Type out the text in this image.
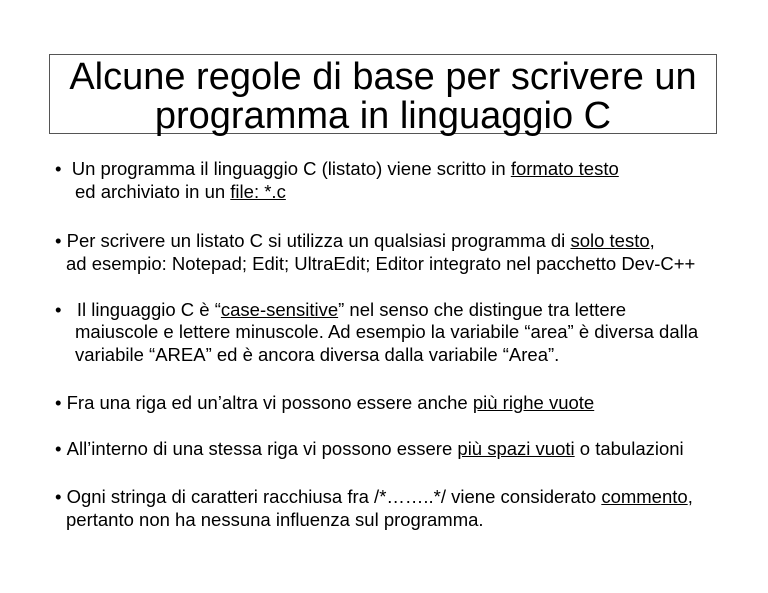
Alcune regole di base per scrivere un
programma in linguaggio C
• Un programma il linguaggio C (listato) viene scritto in formato testo
ed archiviato in un file: *.c
• Per scrivere un listato C si utilizza un qualsiasi programma di solo testo,
ad esempio: Notepad; Edit; UltraEdit; Editor integrato nel pacchetto Dev-C++
• Il linguaggio C è “case-sensitive” nel senso che distingue tra lettere
maiuscole e lettere minuscole. Ad esempio la variabile “area” è diversa dalla
variabile “AREA” ed è ancora diversa dalla variabile “Area”.
• Fra una riga ed un’altra vi possono essere anche più righe vuote
• All’interno di una stessa riga vi possono essere più spazi vuoti o tabulazioni
• Ogni stringa di caratteri racchiusa fra /*……..*/ viene considerato commento,
pertanto non ha nessuna influenza sul programma.
